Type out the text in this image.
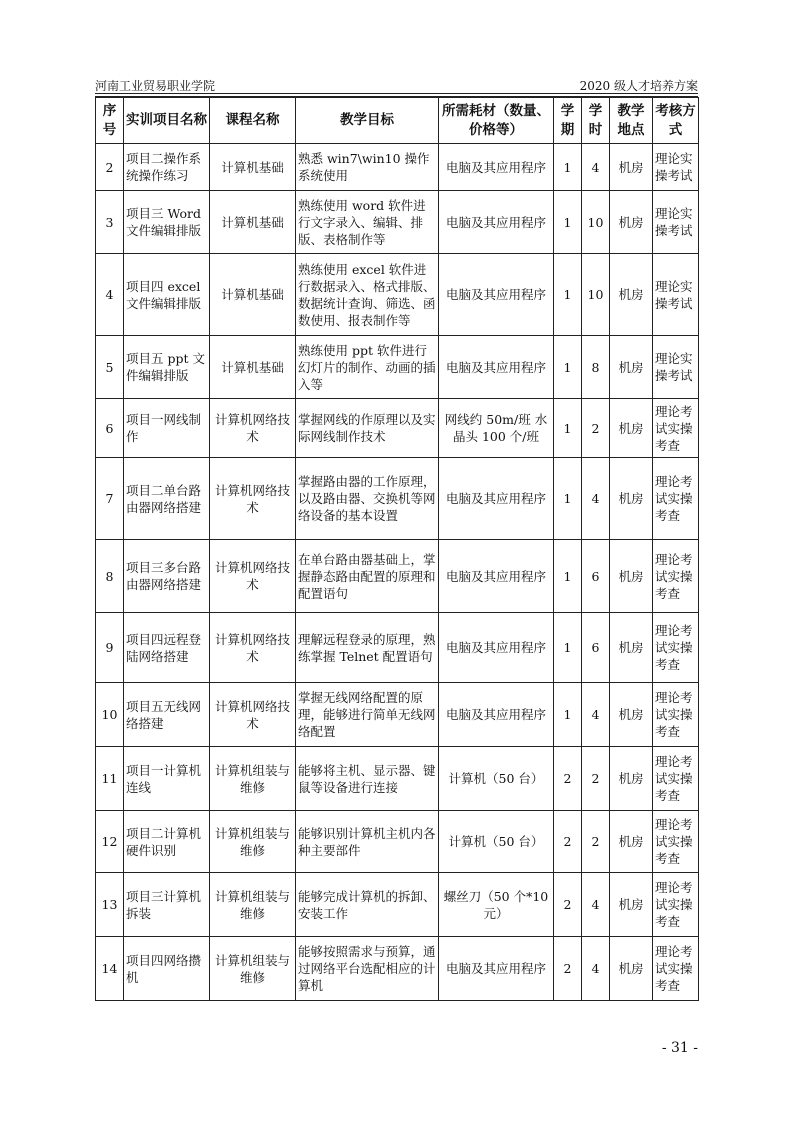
河南工业贸易职业学院	2020 级人才培养方案
序号	实训项目名称	课程名称	教学目标	所需耗材（数量、价格等）	学期	学时	教学地点	考核方式
2	项目二操作系统操作练习	计算机基础	熟悉 win7\win10 操作系统使用	电脑及其应用程序	1	4	机房	理论实操考试
3	项目三 Word 文件编辑排版	计算机基础	熟练使用 word 软件进行文字录入、编辑、排版、表格制作等	电脑及其应用程序	1	10	机房	理论实操考试
4	项目四 excel 文件编辑排版	计算机基础	熟练使用 excel 软件进行数据录入、格式排版、数据统计查询、筛选、函数使用、报表制作等	电脑及其应用程序	1	10	机房	理论实操考试
5	项目五 ppt 文件编辑排版	计算机基础	熟练使用 ppt 软件进行幻灯片的制作、动画的插入等	电脑及其应用程序	1	8	机房	理论实操考试
6	项目一网线制作	计算机网络技术	掌握网线的作原理以及实际网线制作技术	网线约 50m/班 水晶头 100 个/班	1	2	机房	理论考试实操考查
7	项目二单台路由器网络搭建	计算机网络技术	掌握路由器的工作原理，以及路由器、交换机等网络设备的基本设置	电脑及其应用程序	1	4	机房	理论考试实操考查
8	项目三多台路由器网络搭建	计算机网络技术	在单台路由器基础上，掌握静态路由配置的原理和配置语句	电脑及其应用程序	1	6	机房	理论考试实操考查
9	项目四远程登陆网络搭建	计算机网络技术	理解远程登录的原理，熟练掌握 Telnet 配置语句	电脑及其应用程序	1	6	机房	理论考试实操考查
10	项目五无线网络搭建	计算机网络技术	掌握无线网络配置的原理，能够进行简单无线网络配置	电脑及其应用程序	1	4	机房	理论考试实操考查
11	项目一计算机连线	计算机组装与维修	能够将主机、显示器、键鼠等设备进行连接	计算机（50 台）	2	2	机房	理论考试实操考查
12	项目二计算机硬件识别	计算机组装与维修	能够识别计算机主机内各种主要部件	计算机（50 台）	2	2	机房	理论考试实操考查
13	项目三计算机拆装	计算机组装与维修	能够完成计算机的拆卸、安装工作	螺丝刀（50 个*10 元）	2	4	机房	理论考试实操考查
14	项目四网络攒机	计算机组装与维修	能够按照需求与预算，通过网络平台选配相应的计算机	电脑及其应用程序	2	4	机房	理论考试实操考查
- 31 -
